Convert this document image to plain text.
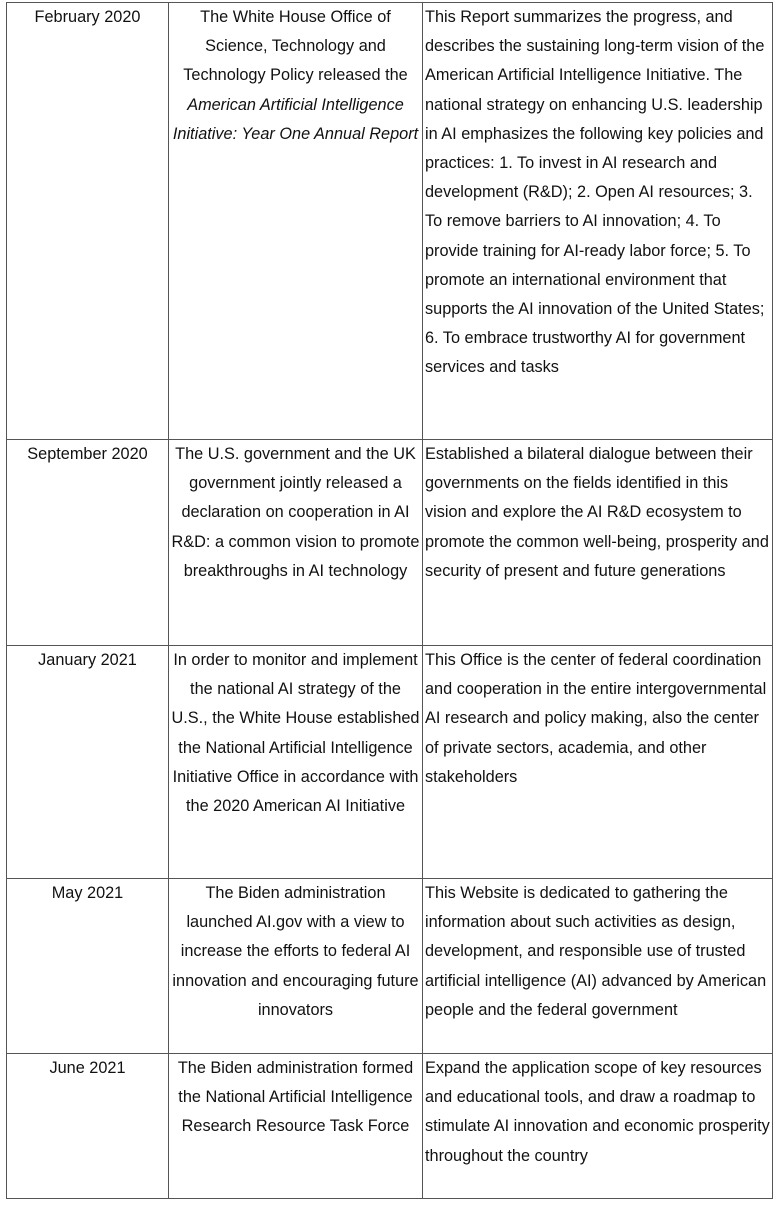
February 2020	The White House Office of Science, Technology and Technology Policy released the American Artificial Intelligence Initiative: Year One Annual Report	This Report summarizes the progress, and describes the sustaining long-term vision of the American Artificial Intelligence Initiative. The national strategy on enhancing U.S. leadership in AI emphasizes the following key policies and practices: 1. To invest in AI research and development (R&D); 2. Open AI resources; 3. To remove barriers to AI innovation; 4. To provide training for AI-ready labor force; 5. To promote an international environment that supports the AI innovation of the United States; 6. To embrace trustworthy AI for government services and tasks
September 2020	The U.S. government and the UK government jointly released a declaration on cooperation in AI R&D: a common vision to promote breakthroughs in AI technology	Established a bilateral dialogue between their governments on the fields identified in this vision and explore the AI R&D ecosystem to promote the common well-being, prosperity and security of present and future generations
January 2021	In order to monitor and implement the national AI strategy of the U.S., the White House established the National Artificial Intelligence Initiative Office in accordance with the 2020 American AI Initiative	This Office is the center of federal coordination and cooperation in the entire intergovernmental AI research and policy making, also the center of private sectors, academia, and other stakeholders
May 2021	The Biden administration launched AI.gov with a view to increase the efforts to federal AI innovation and encouraging future innovators	This Website is dedicated to gathering the information about such activities as design, development, and responsible use of trusted artificial intelligence (AI) advanced by American people and the federal government
June 2021	The Biden administration formed the National Artificial Intelligence Research Resource Task Force	Expand the application scope of key resources and educational tools, and draw a roadmap to stimulate AI innovation and economic prosperity throughout the country
